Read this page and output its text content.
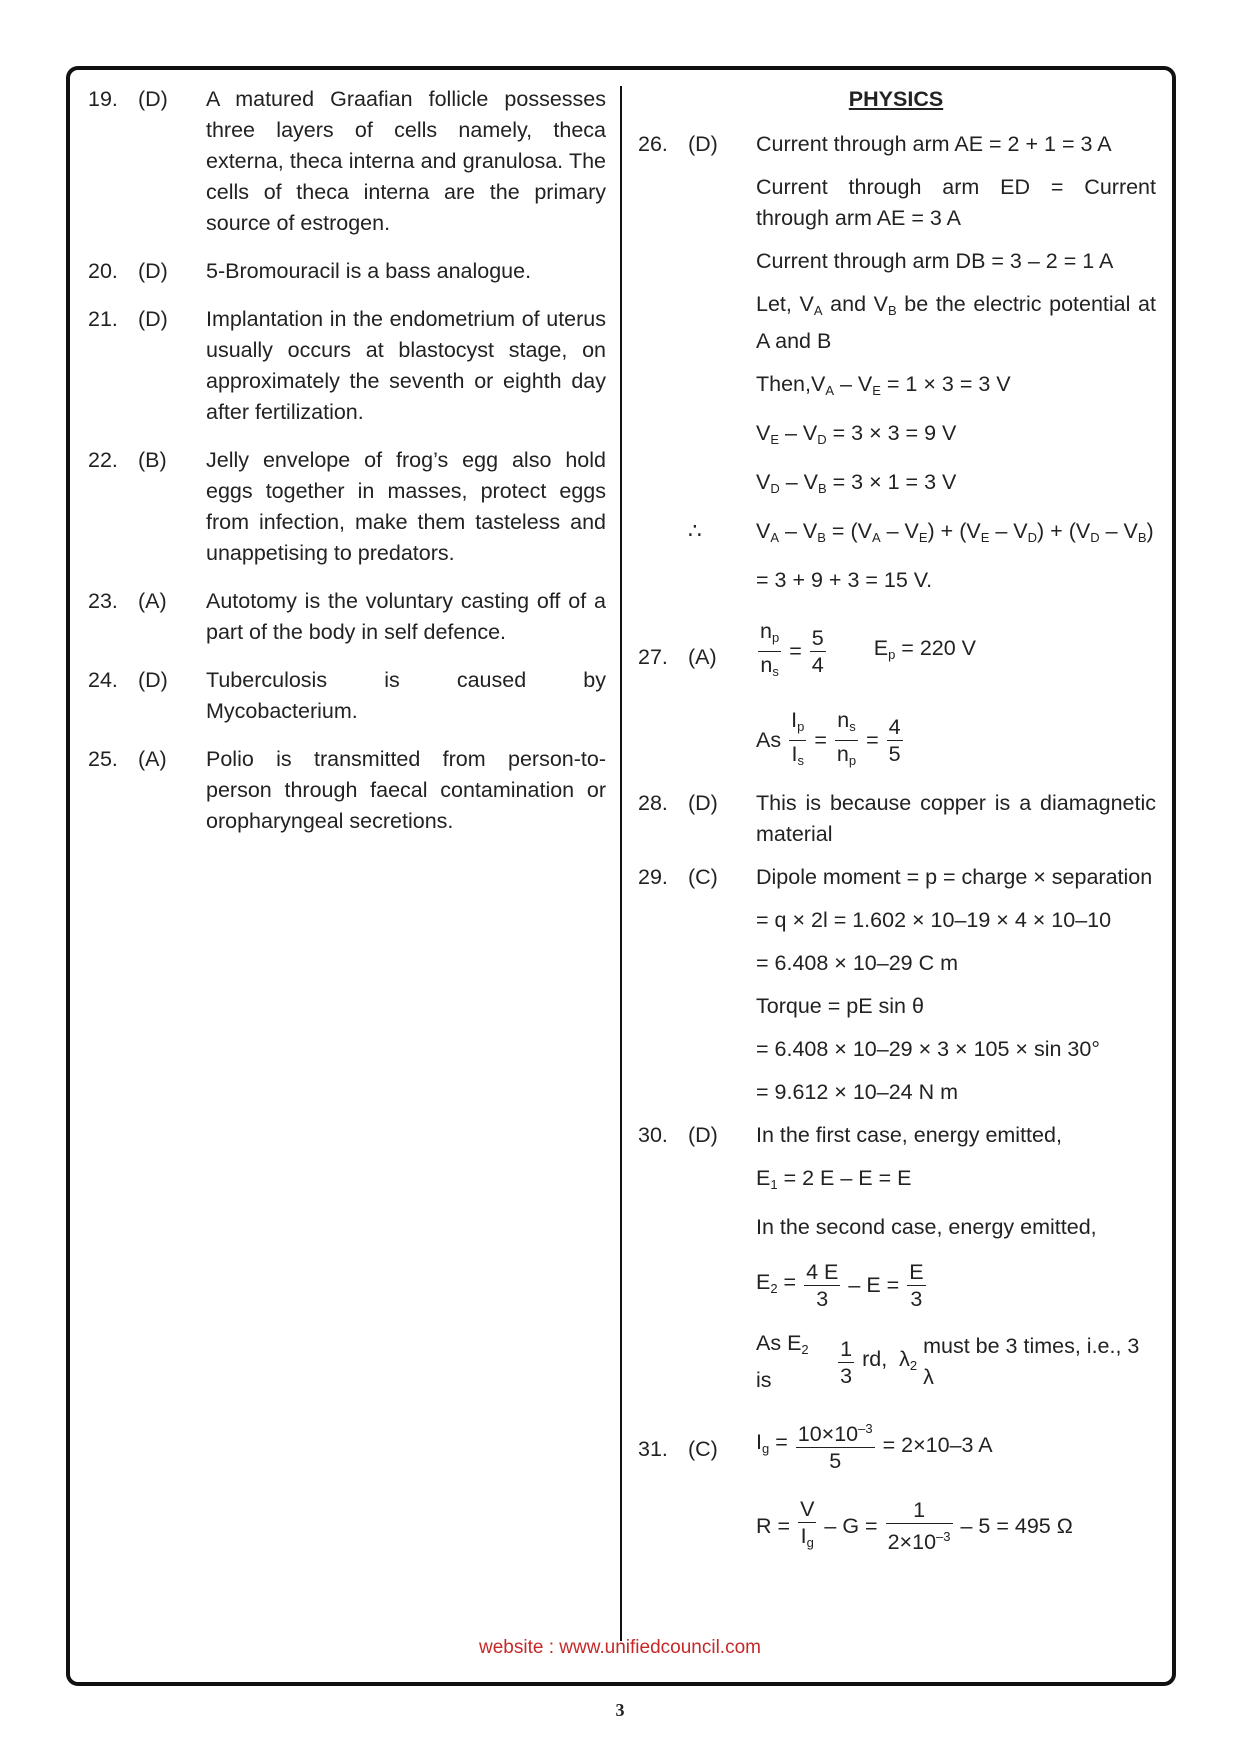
19. (D) A matured Graafian follicle possesses three layers of cells namely, theca externa, theca interna and granulosa. The cells of theca interna are the primary source of estrogen.
20. (D) 5-Bromouracil is a bass analogue.
21. (D) Implantation in the endometrium of uterus usually occurs at blastocyst stage, on approximately the seventh or eighth day after fertilization.
22. (B) Jelly envelope of frog’s egg also hold eggs together in masses, protect eggs from infection, make them tasteless and unappetising to predators.
23. (A) Autotomy is the voluntary casting off of a part of the body in self defence.
24. (D) Tuberculosis is caused by Mycobacterium.
25. (A) Polio is transmitted from person-to-person through faecal contamination or oropharyngeal secretions.
PHYSICS
26. (D) Current through arm AE = 2 + 1 = 3 A
Current through arm ED = Current through arm AE = 3 A
Current through arm DB = 3 – 2 = 1 A
Let, $V_A$ and $V_B$ be the electric potential at A and B
$Then,V_A - V_E = 1 \times 3 = 3$ V
$V_E - V_D = 3 \times 3 = 9$ V
$V_D - V_B = 3 \times 1 = 3$ V
∴	$V_A - V_B = (V_A - V_E) + (V_E - V_D) + (V_D - V_B)$
= 3 + 9 + 3 = 15 V.
27. $(A) \frac{n_p}{n_s} = \frac{5}{4} E_p = 220$ V
As $\frac{I_p}{I_s} = \frac{n_s}{n_p} = \frac{4}{5}$
28. (D) This is because copper is a diamagnetic material
29. (C) Dipole moment = p = charge × separation
= q × 2l = 1.602 × 10–19 × 4 × 10–10
= 6.408 × 10–29 C m
Torque = pE sin θ
= 6.408 × 10–29 × 3 × 105 × sin 30°
= 9.612 × 10–24 N m
30. (D) In the first case, energy emitted,
$E_1 = 2$ E – E = E
In the second case, energy emitted,
$E_2 = \frac{4 E}{3} - E = \frac{E}{3}$
As $E_2$ is	$\frac{1}{3}$ rd,  $\lambda_2$
must be 3 times, i.e., 3 λ
31. (C) $I_g = \frac{10\times 10^{-3}}{5} = 2\times 10-3$ A
$R = \frac{V}{I_g} - G = \frac{1}{2\times 10^{-3}} - 5 = 495$ Ω
website : www.unifiedcouncil.com
3
